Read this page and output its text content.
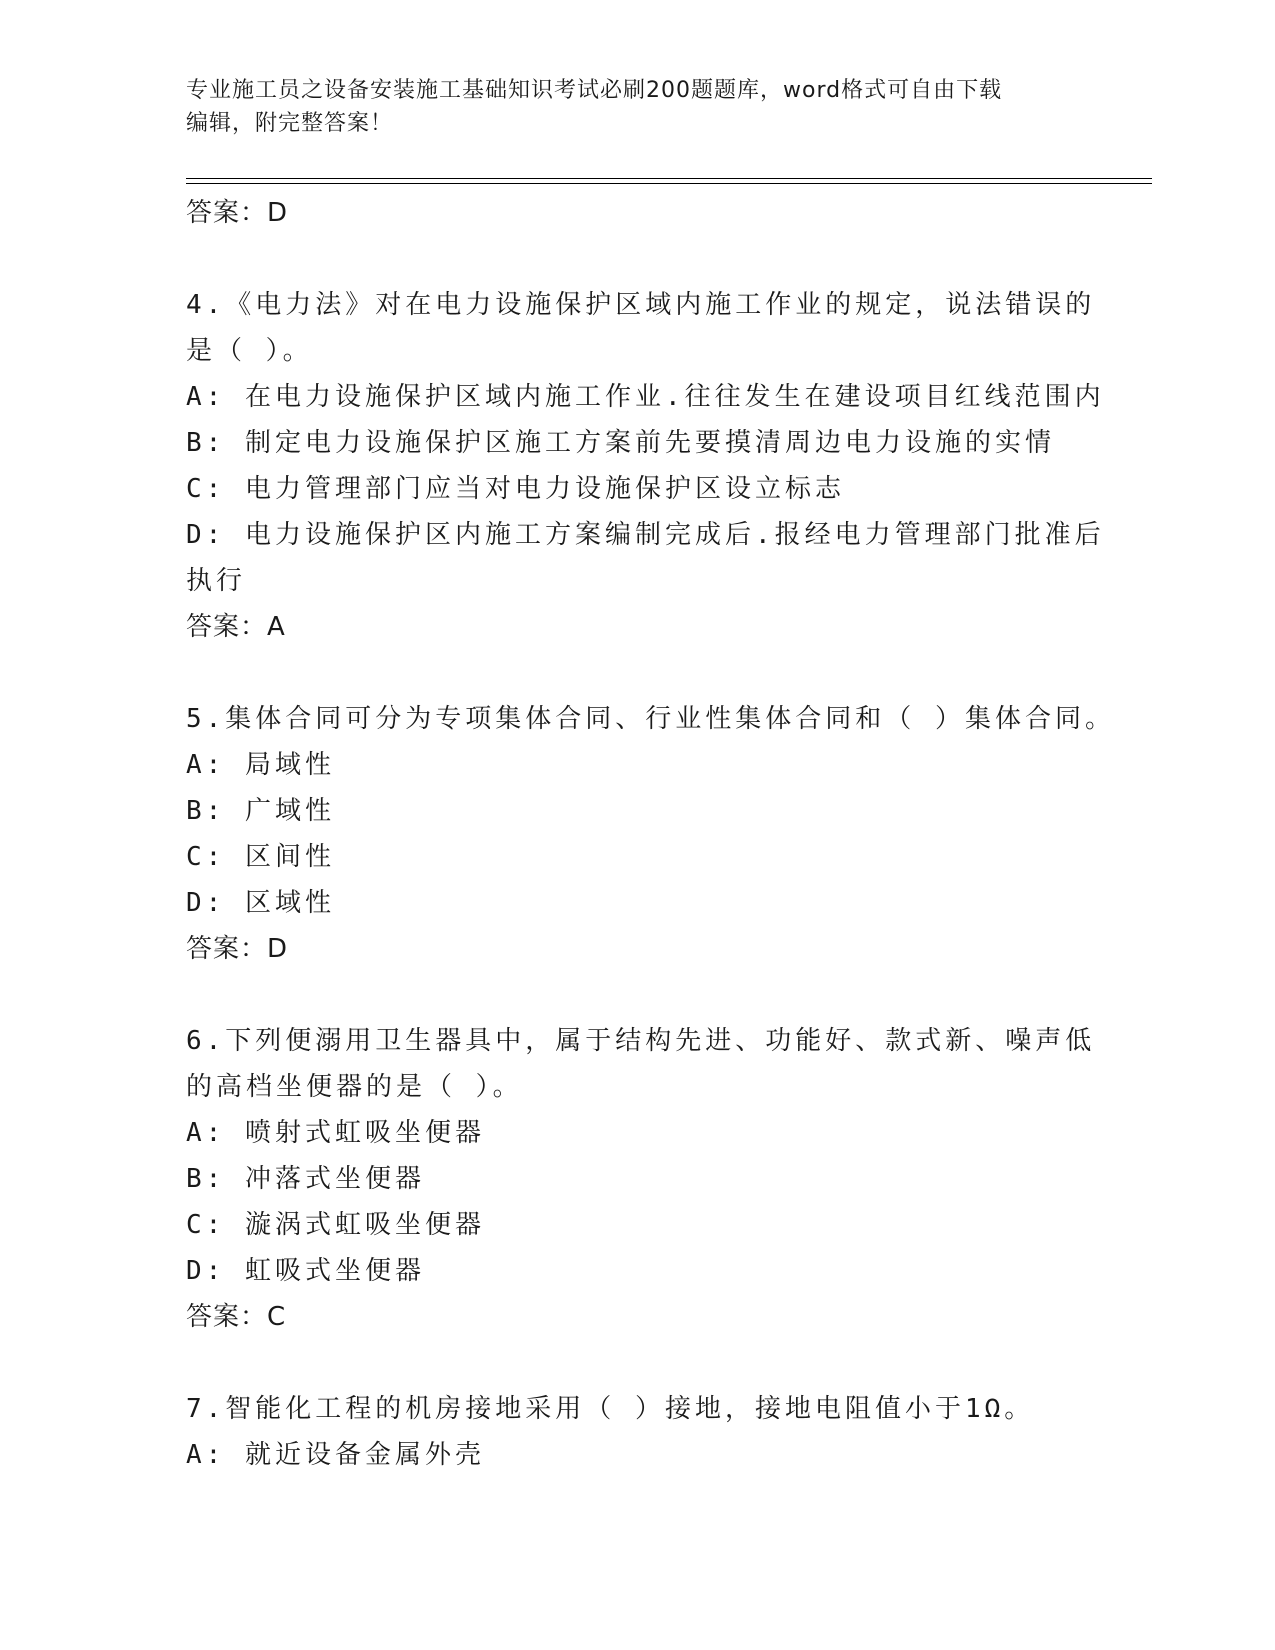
专业施工员之设备安装施工基础知识考试必刷200题题库，word格式可自由下载
编辑，附完整答案！
答案：D
4.《电力法》对在电力设施保护区域内施工作业的规定，说法错误的
是（ ）。
A: 在电力设施保护区域内施工作业.往往发生在建设项目红线范围内
B: 制定电力设施保护区施工方案前先要摸清周边电力设施的实情
C: 电力管理部门应当对电力设施保护区设立标志
D: 电力设施保护区内施工方案编制完成后.报经电力管理部门批准后
执行
答案：A
5.集体合同可分为专项集体合同、行业性集体合同和（ ）集体合同。
A: 局域性
B: 广域性
C: 区间性
D: 区域性
答案：D
6.下列便溺用卫生器具中，属于结构先进、功能好、款式新、噪声低
的高档坐便器的是（ ）。
A: 喷射式虹吸坐便器
B: 冲落式坐便器
C: 漩涡式虹吸坐便器
D: 虹吸式坐便器
答案：C
7.智能化工程的机房接地采用（ ）接地，接地电阻值小于1Ω。
A: 就近设备金属外壳
